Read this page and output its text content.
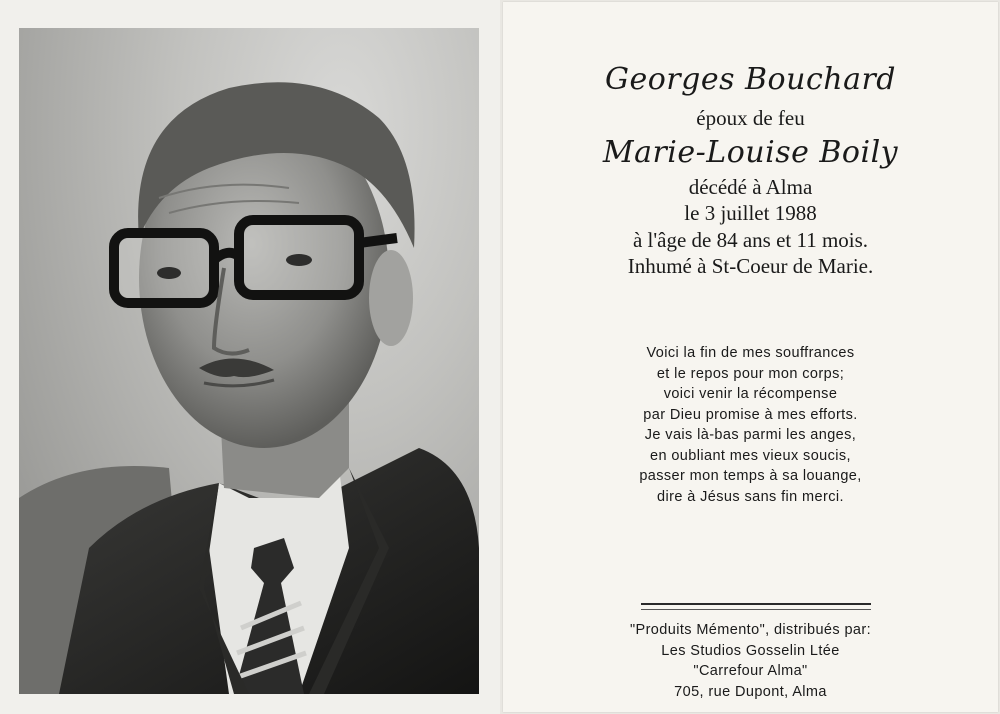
Georges Bouchard
époux de feu
Marie-Louise Boily
décédé à Alma
le 3 juillet 1988
à l'âge de 84 ans et 11 mois.
Inhumé à St-Coeur de Marie.
Voici la fin de mes souffrances
et le repos pour mon corps;
voici venir la récompense
par Dieu promise à mes efforts.
Je vais là-bas parmi les anges,
en oubliant mes vieux soucis,
passer mon temps à sa louange,
dire à Jésus sans fin merci.
"Produits Mémento", distribués par:
Les Studios Gosselin Ltée
"Carrefour Alma"
705, rue Dupont, Alma
